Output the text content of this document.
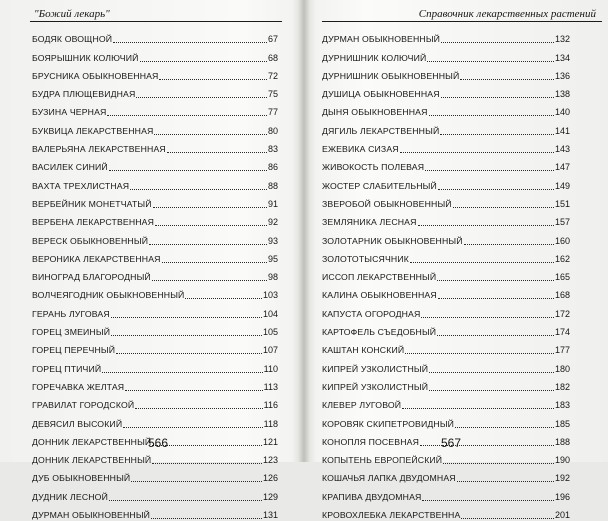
"Божий лекарь"
БОДЯК ОВОЩНОЙ	67
БОЯРЫШНИК КОЛЮЧИЙ	68
БРУСНИКА ОБЫКНОВЕННАЯ	72
БУДРА ПЛЮЩЕВИДНАЯ	75
БУЗИНА ЧЕРНАЯ	77
БУКВИЦА ЛЕКАРСТВЕННАЯ	80
ВАЛЕРЬЯНА ЛЕКАРСТВЕННАЯ	83
ВАСИЛЕК СИНИЙ	86
ВАХТА ТРЕХЛИСТНАЯ	88
ВЕРБЕЙНИК МОНЕТЧАТЫЙ	91
ВЕРБЕНА ЛЕКАРСТВЕННАЯ	92
ВЕРЕСК ОБЫКНОВЕННЫЙ	93
ВЕРОНИКА ЛЕКАРСТВЕННАЯ	95
ВИНОГРАД БЛАГОРОДНЫЙ	98
ВОЛЧЕЯГОДНИК ОБЫКНОВЕННЫЙ	103
ГЕРАНЬ ЛУГОВАЯ	104
ГОРЕЦ ЗМЕИНЫЙ	105
ГОРЕЦ ПЕРЕЧНЫЙ	107
ГОРЕЦ ПТИЧИЙ	110
ГОРЕЧАВКА ЖЕЛТАЯ	113
ГРАВИЛАТ ГОРОДСКОЙ	116
ДЕВЯСИЛ ВЫСОКИЙ	118
ДОННИК ЛЕКАРСТВЕННЫЙ	121
ДОННИК ЛЕКАРСТВЕННЫЙ	123
ДУБ ОБЫКНОВЕННЫЙ	126
ДУДНИК ЛЕСНОЙ	129
ДУРМАН ОБЫКНОВЕННЫЙ	131
566
Справочник лекарственных растений
ДУРМАН ОБЫКНОВЕННЫЙ	132
ДУРНИШНИК КОЛЮЧИЙ	134
ДУРНИШНИК ОБЫКНОВЕННЫЙ	136
ДУШИЦА ОБЫКНОВЕННАЯ	138
ДЫНЯ ОБЫКНОВЕННАЯ	140
ДЯГИЛЬ ЛЕКАРСТВЕННЫЙ	141
ЕЖЕВИКА СИЗАЯ	143
ЖИВОКОСТЬ ПОЛЕВАЯ	147
ЖОСТЕР СЛАБИТЕЛЬНЫЙ	149
ЗВЕРОБОЙ ОБЫКНОВЕННЫЙ	151
ЗЕМЛЯНИКА ЛЕСНАЯ	157
ЗОЛОТАРНИК ОБЫКНОВЕННЫЙ	160
ЗОЛОТОТЫСЯЧНИК	162
ИССОП ЛЕКАРСТВЕННЫЙ	165
КАЛИНА ОБЫКНОВЕННАЯ	168
КАПУСТА ОГОРОДНАЯ	172
КАРТОФЕЛЬ СЪЕДОБНЫЙ	174
КАШТАН КОНСКИЙ	177
КИПРЕЙ УЗКОЛИСТНЫЙ	180
КИПРЕЙ УЗКОЛИСТНЫЙ	182
КЛЕВЕР ЛУГОВОЙ	183
КОРОВЯК СКИПЕТРОВИДНЫЙ	185
КОНОПЛЯ ПОСЕВНАЯ	188
КОПЫТЕНЬ ЕВРОПЕЙСКИЙ	190
КОШАЧЬЯ ЛАПКА ДВУДОМНАЯ	192
КРАПИВА ДВУДОМНАЯ	196
КРОВОХЛЕБКА ЛЕКАРСТВЕННА	201
567
